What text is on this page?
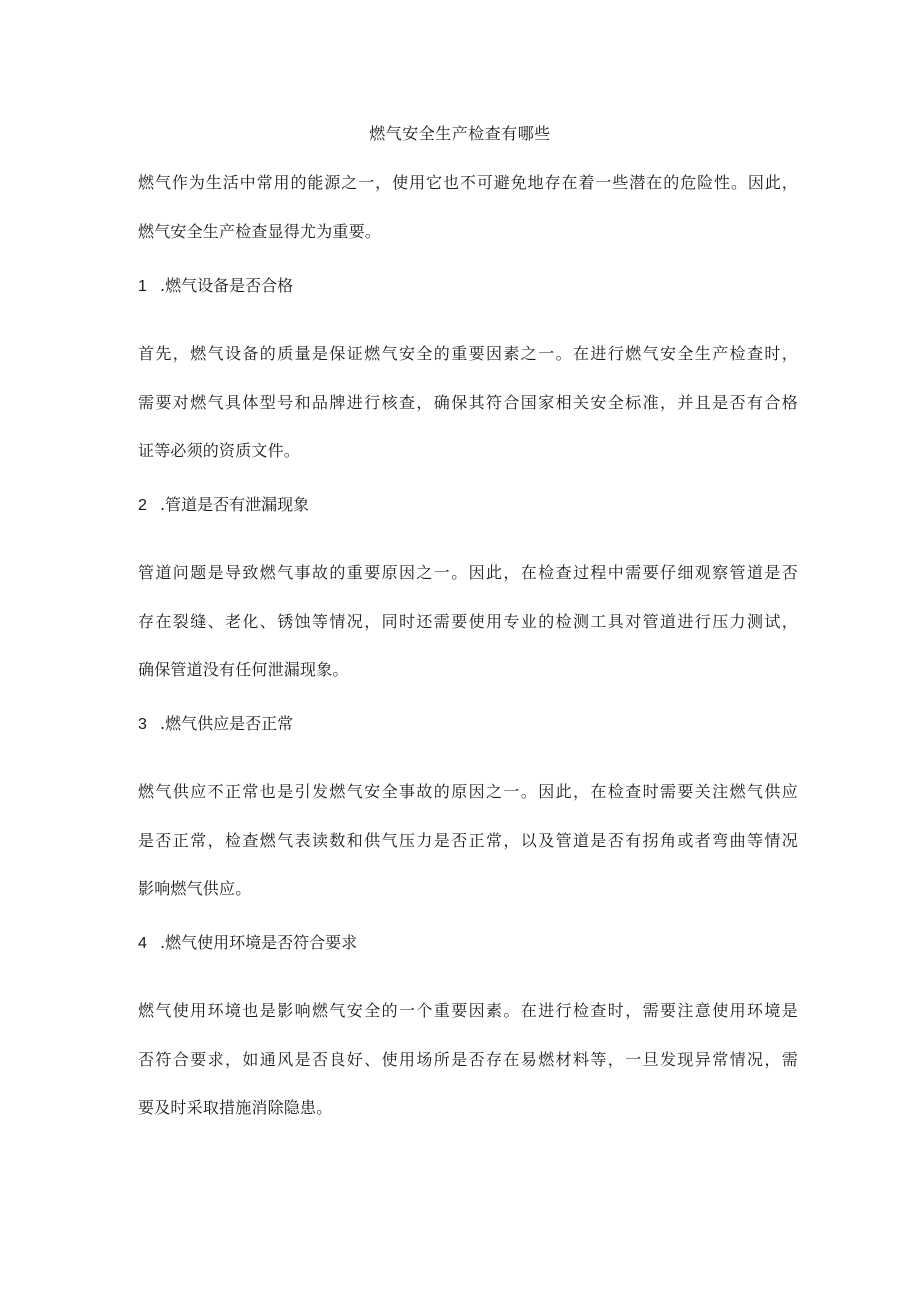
燃气安全生产检查有哪些
燃气作为生活中常用的能源之一，使用它也不可避免地存在着一些潜在的危险性。因此，
燃气安全生产检查显得尤为重要。
1 .燃气设备是否合格
首先，燃气设备的质量是保证燃气安全的重要因素之一。在进行燃气安全生产检查时，
需要对燃气具体型号和品牌进行核查，确保其符合国家相关安全标准，并且是否有合格
证等必须的资质文件。
2 .管道是否有泄漏现象
管道问题是导致燃气事故的重要原因之一。因此，在检查过程中需要仔细观察管道是否
存在裂缝、老化、锈蚀等情况，同时还需要使用专业的检测工具对管道进行压力测试，
确保管道没有任何泄漏现象。
3 .燃气供应是否正常
燃气供应不正常也是引发燃气安全事故的原因之一。因此，在检查时需要关注燃气供应
是否正常，检查燃气表读数和供气压力是否正常，以及管道是否有拐角或者弯曲等情况
影响燃气供应。
4 .燃气使用环境是否符合要求
燃气使用环境也是影响燃气安全的一个重要因素。在进行检查时，需要注意使用环境是
否符合要求，如通风是否良好、使用场所是否存在易燃材料等，一旦发现异常情况，需
要及时采取措施消除隐患。
